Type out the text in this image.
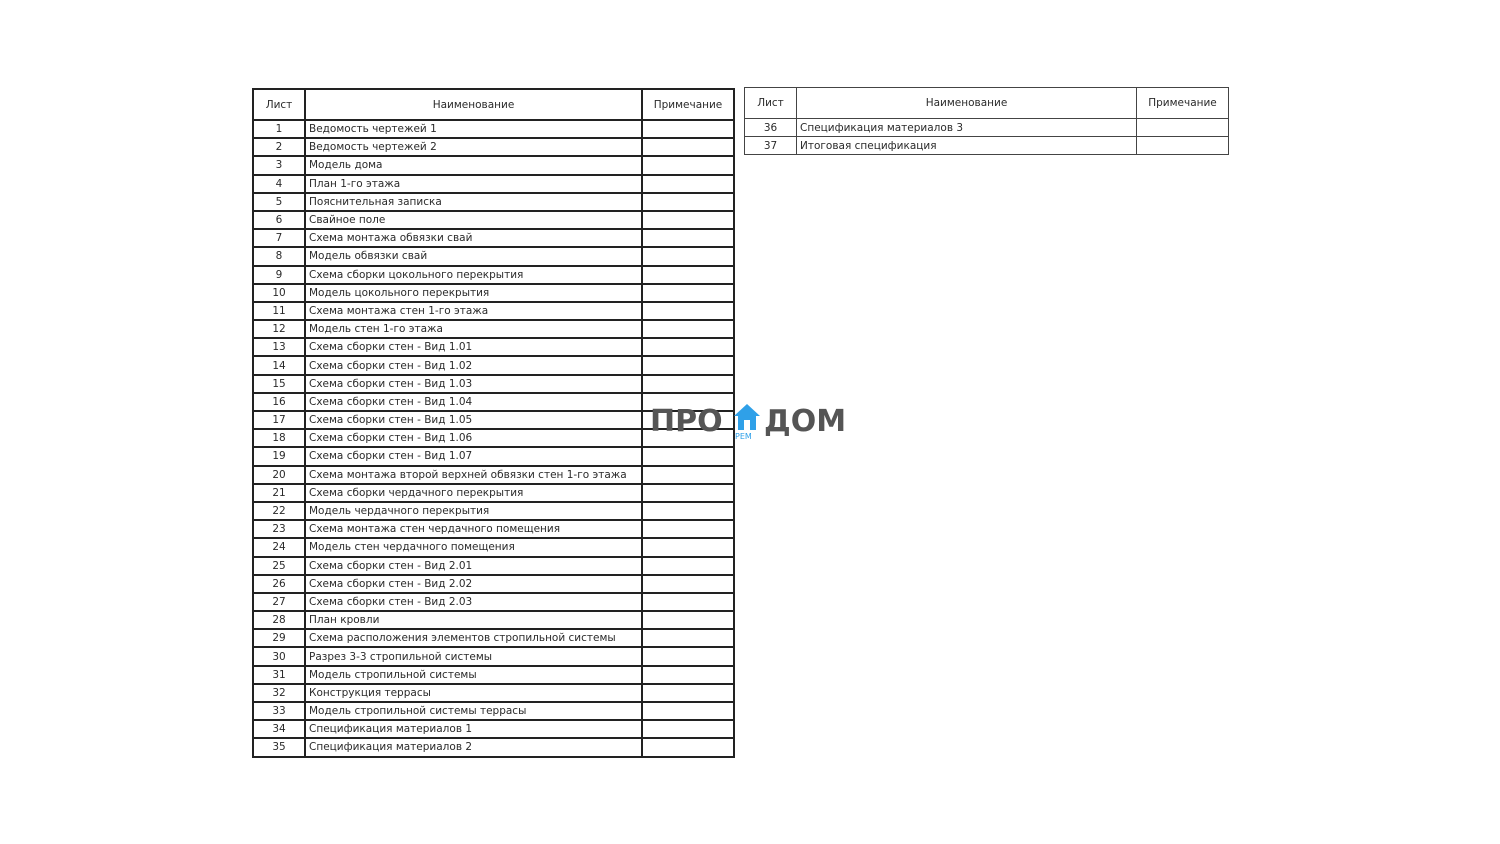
Лист	Наименование	Примечание
1	Ведомость чертежей 1	
2	Ведомость чертежей 2	
3	Модель дома	
4	План 1-го этажа	
5	Пояснительная записка	
6	Свайное поле	
7	Схема монтажа обвязки свай	
8	Модель обвязки свай	
9	Схема сборки цокольного перекрытия	
10	Модель цокольного перекрытия	
11	Схема монтажа стен 1-го этажа	
12	Модель стен 1-го этажа	
13	Схема сборки стен - Вид 1.01	
14	Схема сборки стен - Вид 1.02	
15	Схема сборки стен - Вид 1.03	
16	Схема сборки стен - Вид 1.04	
17	Схема сборки стен - Вид 1.05	
18	Схема сборки стен - Вид 1.06	
19	Схема сборки стен - Вид 1.07	
20	Схема монтажа второй верхней обвязки стен 1-го этажа	
21	Схема сборки чердачного перекрытия	
22	Модель чердачного перекрытия	
23	Схема монтажа стен чердачного помещения	
24	Модель стен чердачного помещения	
25	Схема сборки стен - Вид 2.01	
26	Схема сборки стен - Вид 2.02	
27	Схема сборки стен - Вид 2.03	
28	План кровли	
29	Схема расположения элементов стропильной системы	
30	Разрез 3-3 стропильной системы	
31	Модель стропильной системы	
32	Конструкция террасы	
33	Модель стропильной системы террасы	
34	Спецификация материалов 1	
35	Спецификация материалов 2	
Лист	Наименование	Примечание
36	Спецификация материалов 3	
37	Итоговая спецификация	
ПРО РЕМ ДОМ
